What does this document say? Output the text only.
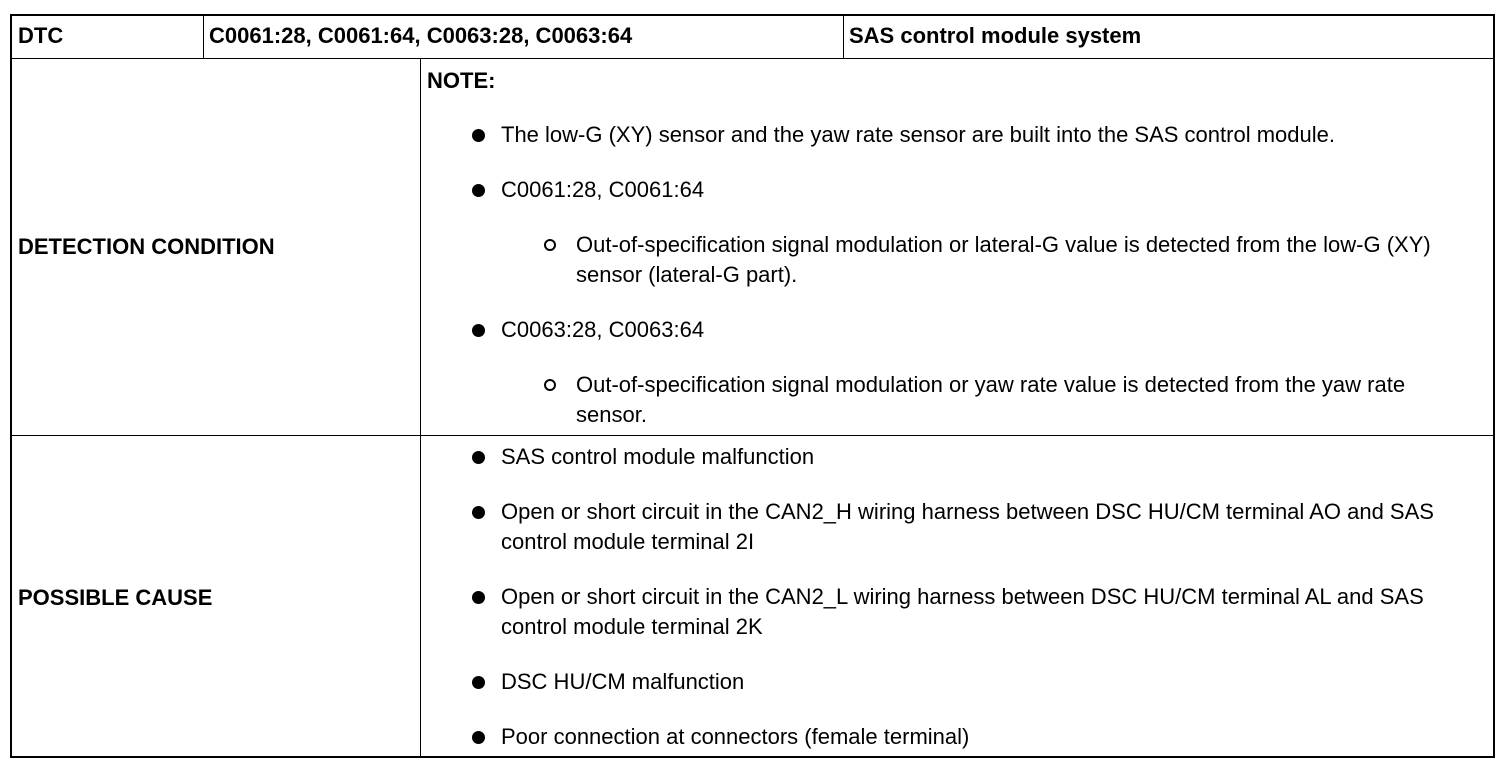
DTC	C0061:28, C0061:64, C0063:28, C0063:64	SAS control module system
DETECTION CONDITION
NOTE:
The low-G (XY) sensor and the yaw rate sensor are built into the SAS control module.
C0061:28, C0061:64
Out-of-specification signal modulation or lateral-G value is detected from the low-G (XY) sensor (lateral-G part).
C0063:28, C0063:64
Out-of-specification signal modulation or yaw rate value is detected from the yaw rate sensor.
POSSIBLE CAUSE
SAS control module malfunction
Open or short circuit in the CAN2_H wiring harness between DSC HU/CM terminal AO and SAS control module terminal 2I
Open or short circuit in the CAN2_L wiring harness between DSC HU/CM terminal AL and SAS control module terminal 2K
DSC HU/CM malfunction
Poor connection at connectors (female terminal)
